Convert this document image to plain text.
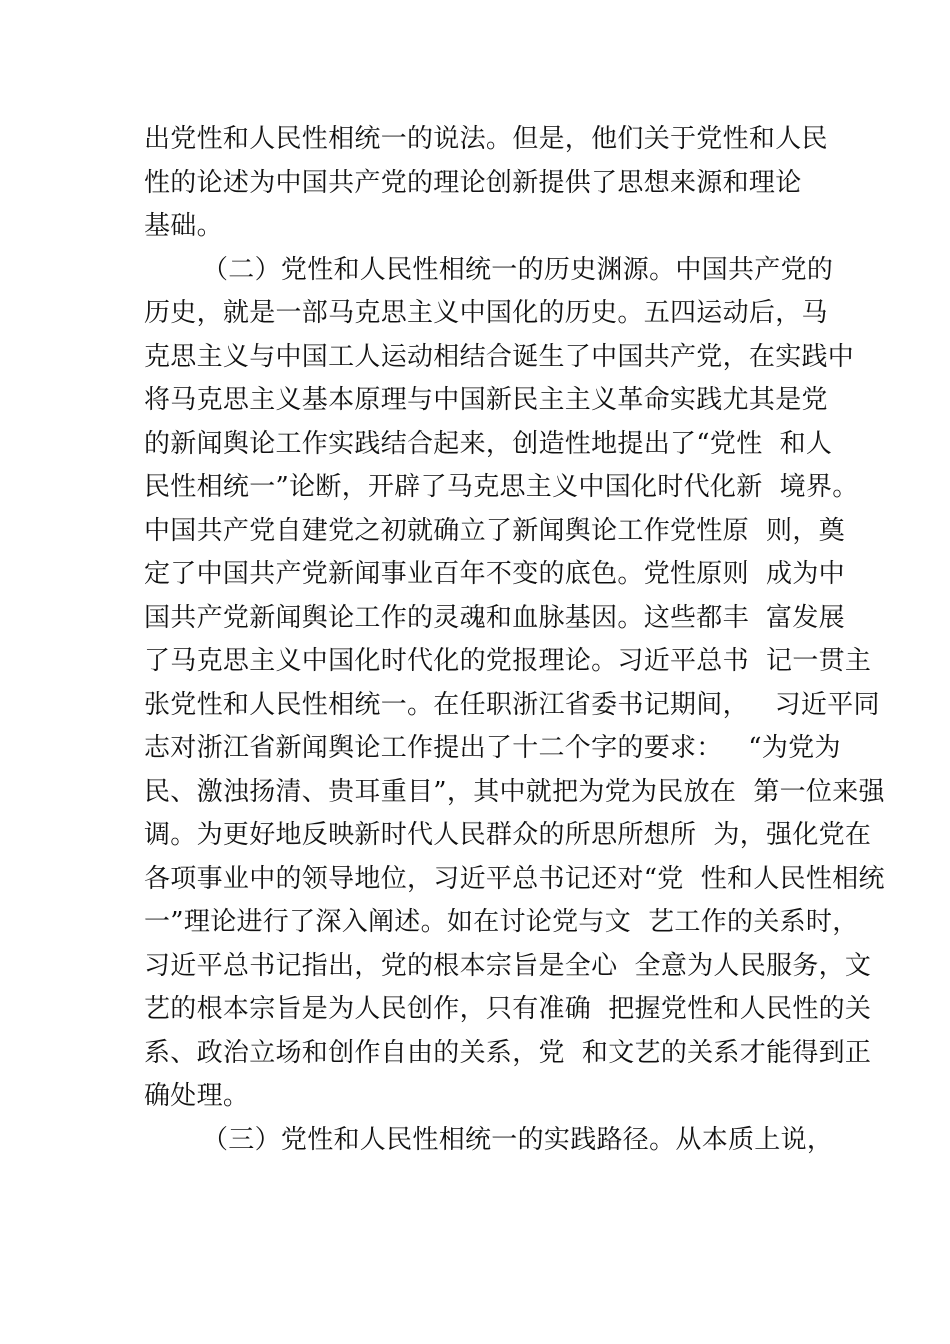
出党性和人民性相统一的说法。但是，他们关于党性和人民
性的论述为中国共产党的理论创新提供了思想来源和理论
基础。
（二）党性和人民性相统一的历史渊源。中国共产党的
历史，就是一部马克思主义中国化的历史。五四运动后，马
克思主义与中国工人运动相结合诞生了中国共产党，在实践中
将马克思主义基本原理与中国新民主主义革命实践尤其是党
的新闻舆论工作实践结合起来，创造性地提出了“党性  和人
民性相统一”论断，开辟了马克思主义中国化时代化新  境界。
中国共产党自建党之初就确立了新闻舆论工作党性原  则，奠
定了中国共产党新闻事业百年不变的底色。党性原则  成为中
国共产党新闻舆论工作的灵魂和血脉基因。这些都丰  富发展
了马克思主义中国化时代化的党报理论。习近平总书  记一贯主
张党性和人民性相统一。在任职浙江省委书记期间，   习近平同
志对浙江省新闻舆论工作提出了十二个字的要求：   “为党为
民、激浊扬清、贵耳重目”，其中就把为党为民放在  第一位来强
调。为更好地反映新时代人民群众的所思所想所  为，强化党在
各项事业中的领导地位，习近平总书记还对“党  性和人民性相统
一”理论进行了深入阐述。如在讨论党与文  艺工作的关系时，
习近平总书记指出，党的根本宗旨是全心  全意为人民服务，文
艺的根本宗旨是为人民创作，只有准确  把握党性和人民性的关
系、政治立场和创作自由的关系，党  和文艺的关系才能得到正
确处理。
（三）党性和人民性相统一的实践路径。从本质上说，
